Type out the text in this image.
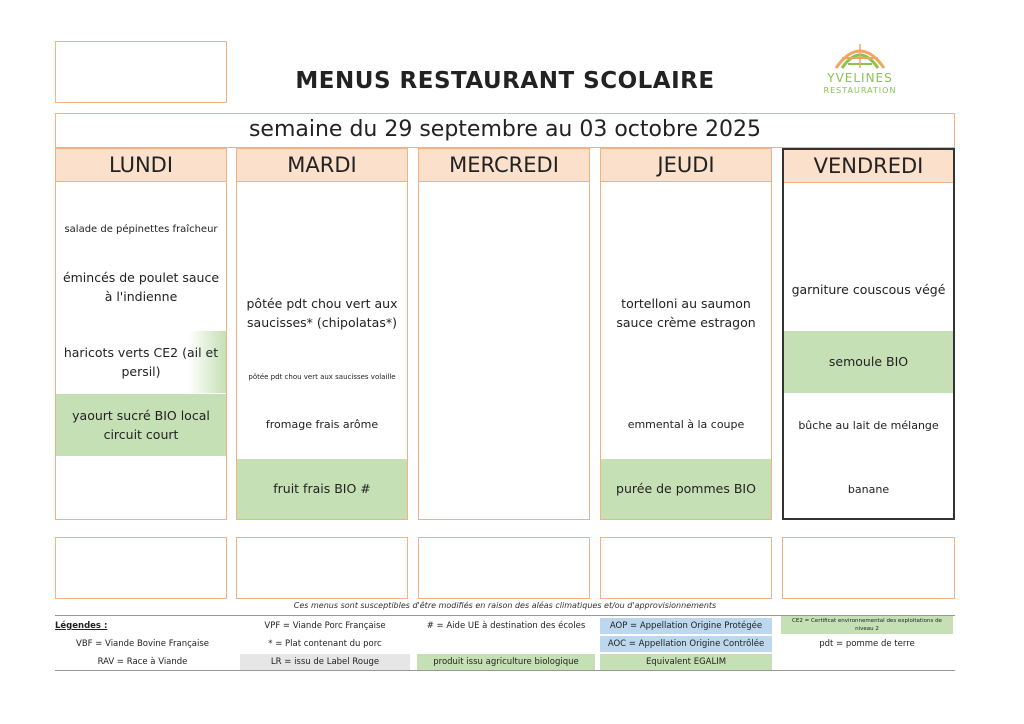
MENUS RESTAURANT SCOLAIRE	YVELINES
RESTAURATION
semaine du 29 septembre au 03 octobre 2025
LUNDI
salade de pépinettes fraîcheur
émincés de poulet sauce à l'indienne
haricots verts CE2 (ail et persil)
yaourt sucré BIO local circuit court
MARDI
pôtée pdt chou vert aux saucisses* (chipolatas*)
pôtée pdt chou vert aux saucisses volaille
fromage frais arôme
fruit frais BIO #
MERCREDI	JEUDI
tortelloni au saumon sauce crème estragon
emmental à la coupe
purée de pommes BIO
VENDREDI
garniture couscous végé
semoule BIO
bûche au lait de mélange
banane
Ces menus sont susceptibles d'être modifiés en raison des aléas climatiques et/ou d'approvisionnements
Légendes :
VBF = Viande Bovine Française
RAV = Race à Viande
VPF = Viande Porc Française
* = Plat contenant du porc
LR = issu de Label Rouge
# = Aide UE à destination des écoles
produit issu agriculture biologique
AOP = Appellation Origine Protégée
AOC = Appellation Origine Contrôlée
Equivalent EGALIM
CE2 = Certificat environnemental des exploitations de niveau 2
pdt = pomme de terre
